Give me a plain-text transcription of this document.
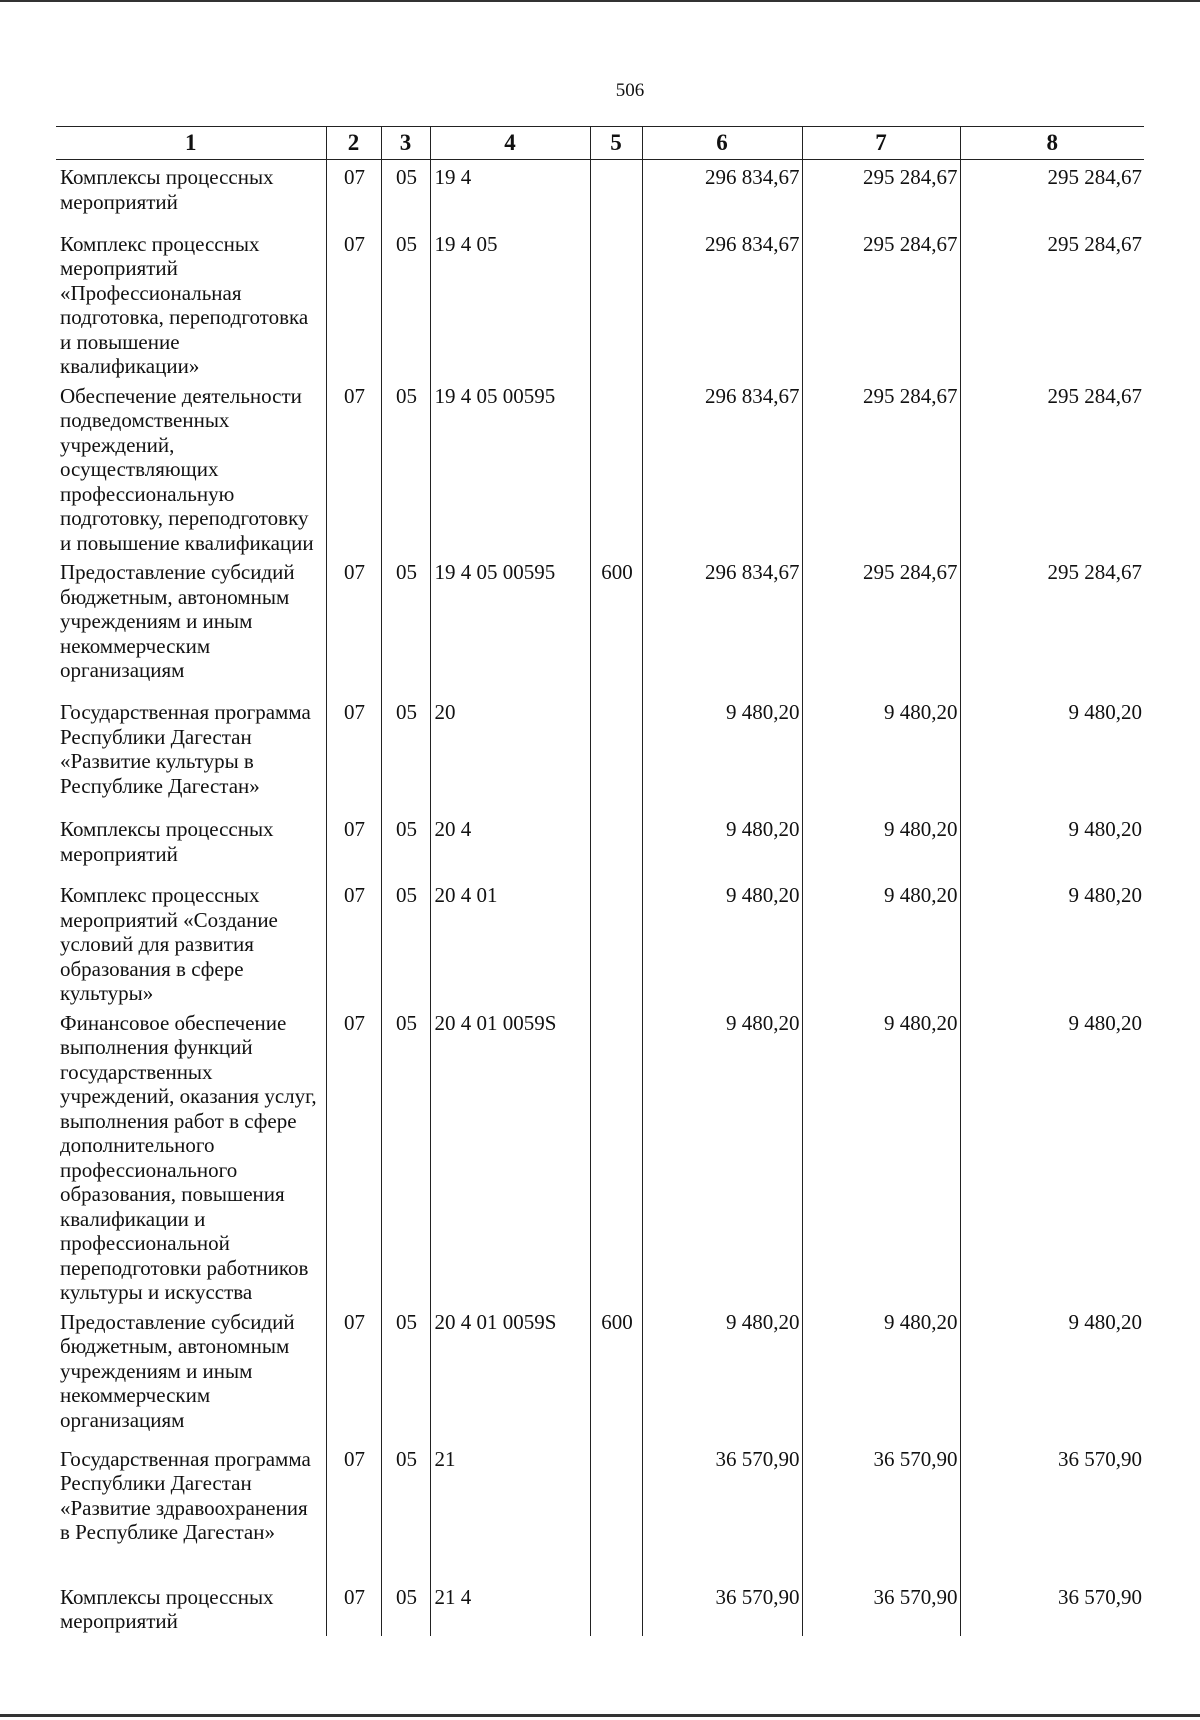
506
1	2	3	4	5	6	7	8
Комплексы процессных мероприятий	07	05	19 4		296 834,67	295 284,67	295 284,67
Комплекс процессных мероприятий «Профессиональная подготовка, переподготовка и повышение квалификации»	07	05	19 4 05		296 834,67	295 284,67	295 284,67
Обеспечение деятельности подведомственных учреждений, осуществляющих профессиональную подготовку, переподготовку и повышение квалификации	07	05	19 4 05 00595		296 834,67	295 284,67	295 284,67
Предоставление субсидий бюджетным, автономным учреждениям и иным некоммерческим организациям	07	05	19 4 05 00595	600	296 834,67	295 284,67	295 284,67
Государственная программа Республики Дагестан «Развитие культуры в Республике Дагестан»	07	05	20		9 480,20	9 480,20	9 480,20
Комплексы процессных мероприятий	07	05	20 4		9 480,20	9 480,20	9 480,20
Комплекс процессных мероприятий «Создание условий для развития образования в сфере культуры»	07	05	20 4 01		9 480,20	9 480,20	9 480,20
Финансовое обеспечение выполнения функций государственных учреждений, оказания услуг, выполнения работ в сфере дополнительного профессионального образования, повышения квалификации и профессиональной переподготовки работников культуры и искусства	07	05	20 4 01 0059S		9 480,20	9 480,20	9 480,20
Предоставление субсидий бюджетным, автономным учреждениям и иным некоммерческим организациям	07	05	20 4 01 0059S	600	9 480,20	9 480,20	9 480,20
Государственная программа Республики Дагестан «Развитие здравоохранения в Республике Дагестан»	07	05	21		36 570,90	36 570,90	36 570,90
Комплексы процессных мероприятий	07	05	21 4		36 570,90	36 570,90	36 570,90
